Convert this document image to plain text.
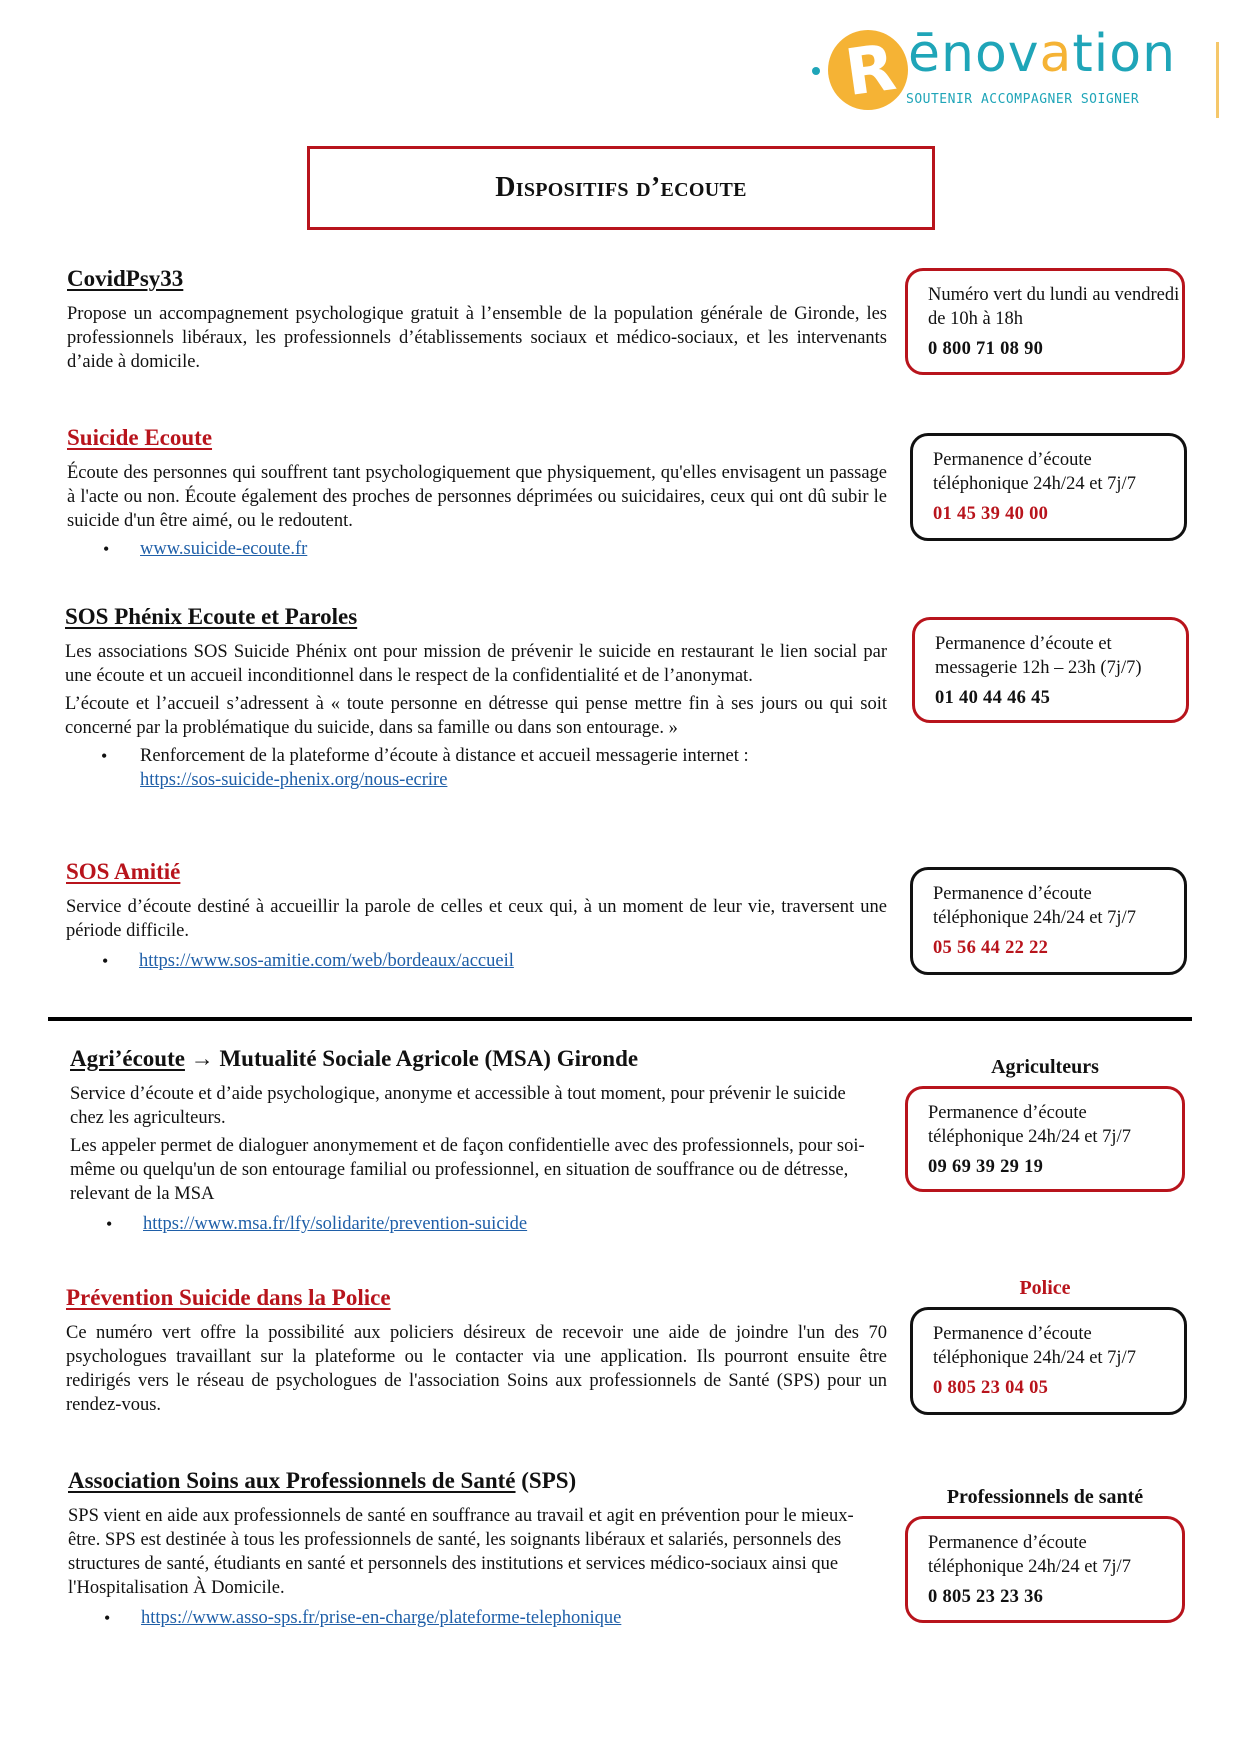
R ēnovation
SOUTENIR ACCOMPAGNER SOIGNER
Dispositifs d’ecoute
CovidPsy33

Propose un accompagnement psychologique gratuit à l’ensemble de la population générale de Gironde, les professionnels libéraux, les professionnels d’établissements sociaux et médico-sociaux, et les intervenants d’aide à domicile.

Numéro vert du lundi au vendredi de 10h à 18h
0 800 71 08 90
Suicide Ecoute

Écoute des personnes qui souffrent tant psychologiquement que physiquement, qu'elles envisagent un passage à l'acte ou non. Écoute également des proches de personnes déprimées ou suicidaires, ceux qui ont dû subir le suicide d'un être aimé, ou le redoutent.

• www.suicide-ecoute.fr
Permanence d’écoute téléphonique 24h/24 et 7j/7
01 45 39 40 00
SOS Phénix Ecoute et Paroles

Les associations SOS Suicide Phénix ont pour mission de prévenir le suicide en restaurant le lien social par une écoute et un accueil inconditionnel dans le respect de la confidentialité et de l’anonymat.

L’écoute et l’accueil s’adressent à « toute personne en détresse qui pense mettre fin à ses jours ou qui soit concerné par la problématique du suicide, dans sa famille ou dans son entourage. »

• Renforcement de la plateforme d’écoute à distance et accueil messagerie internet :
https://sos-suicide-phenix.org/nous-ecrire
Permanence d’écoute et messagerie 12h – 23h (7j/7)
01 40 44 46 45
SOS Amitié

Service d’écoute destiné à accueillir la parole de celles et ceux qui, à un moment de leur vie, traversent une période difficile.

• https://www.sos-amitie.com/web/bordeaux/accueil
Permanence d’écoute téléphonique 24h/24 et 7j/7
05 56 44 22 22
Agri’écoute → Mutualité Sociale Agricole (MSA) Gironde

Service d’écoute et d’aide psychologique, anonyme et accessible à tout moment, pour prévenir le suicide chez les agriculteurs.

Les appeler permet de dialoguer anonymement et de façon confidentielle avec des professionnels, pour soi-même ou quelqu'un de son entourage familial ou professionnel, en situation de souffrance ou de détresse, relevant de la MSA

• https://www.msa.fr/lfy/solidarite/prevention-suicide
Agriculteurs
Permanence d’écoute téléphonique 24h/24 et 7j/7
09 69 39 29 19
Prévention Suicide dans la Police

Ce numéro vert offre la possibilité aux policiers désireux de recevoir une aide de joindre l'un des 70 psychologues travaillant sur la plateforme ou le contacter via une application. Ils pourront ensuite être redirigés vers le réseau de psychologues de l'association Soins aux professionnels de Santé (SPS) pour un rendez-vous.

Police
Permanence d’écoute téléphonique 24h/24 et 7j/7
0 805 23 04 05
Association Soins aux Professionnels de Santé (SPS)

SPS vient en aide aux professionnels de santé en souffrance au travail et agit en prévention pour le mieux-être. SPS est destinée à tous les professionnels de santé, les soignants libéraux et salariés, personnels des structures de santé, étudiants en santé et personnels des institutions et services médico-sociaux ainsi que l'Hospitalisation À Domicile.

• https://www.asso-sps.fr/prise-en-charge/plateforme-telephonique
Professionnels de santé
Permanence d’écoute téléphonique 24h/24 et 7j/7
0 805 23 23 36
